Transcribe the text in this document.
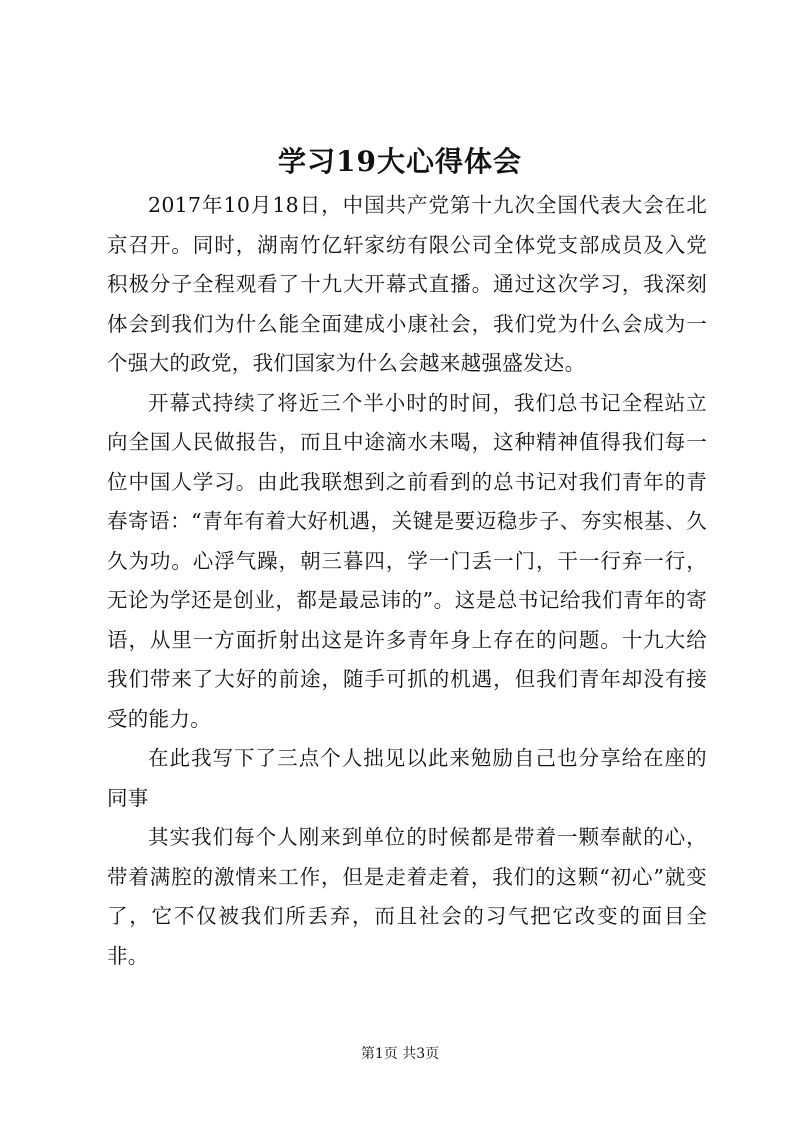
学习19大心得体会

2017年10月18日，中国共产党第十九次全国代表大会在北京召开。同时，湖南竹亿轩家纺有限公司全体党支部成员及入党积极分子全程观看了十九大开幕式直播。通过这次学习，我深刻体会到我们为什么能全面建成小康社会，我们党为什么会成为一个强大的政党，我们国家为什么会越来越强盛发达。

开幕式持续了将近三个半小时的时间，我们总书记全程站立向全国人民做报告，而且中途滴水未喝，这种精神值得我们每一位中国人学习。由此我联想到之前看到的总书记对我们青年的青春寄语：“青年有着大好机遇，关键是要迈稳步子、夯实根基、久久为功。心浮气躁，朝三暮四，学一门丢一门，干一行弃一行，无论为学还是创业，都是最忌讳的”。这是总书记给我们青年的寄语，从里一方面折射出这是许多青年身上存在的问题。十九大给我们带来了大好的前途，随手可抓的机遇，但我们青年却没有接受的能力。

在此我写下了三点个人拙见以此来勉励自己也分享给在座的同事

其实我们每个人刚来到单位的时候都是带着一颗奉献的心，带着满腔的激情来工作，但是走着走着，我们的这颗“初心”就变了，它不仅被我们所丢弃，而且社会的习气把它改变的面目全非。

第1页 共3页
